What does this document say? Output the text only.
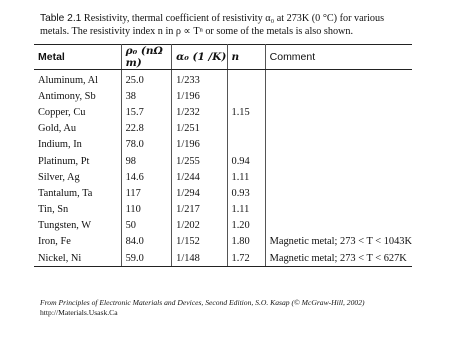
Table 2.1 Resistivity, thermal coefficient of resistivity α₀ at 273K (0 °C) for various
metals. The resistivity index n in ρ ∝ Tⁿ or some of the metals is also shown.
Metal	ρ₀ (nΩ m)	α₀ (1 /K)	n	Comment
Aluminum, Al	25.0	1/233		
Antimony, Sb	38	1/196		
Copper, Cu	15.7	1/232	1.15	
Gold, Au	22.8	1/251		
Indium, In	78.0	1/196		
Platinum, Pt	98	1/255	0.94	
Silver, Ag	14.6	1/244	1.11	
Tantalum, Ta	117	1/294	0.93	
Tin, Sn	110	1/217	1.11	
Tungsten, W	50	1/202	1.20	
Iron, Fe	84.0	1/152	1.80	Magnetic metal; 273 < T < 1043K
Nickel, Ni	59.0	1/148	1.72	Magnetic metal; 273 < T < 627K
From Principles of Electronic Materials and Devices, Second Edition, S.O. Kasap (© McGraw-Hill, 2002)
http://Materials.Usask.Ca
